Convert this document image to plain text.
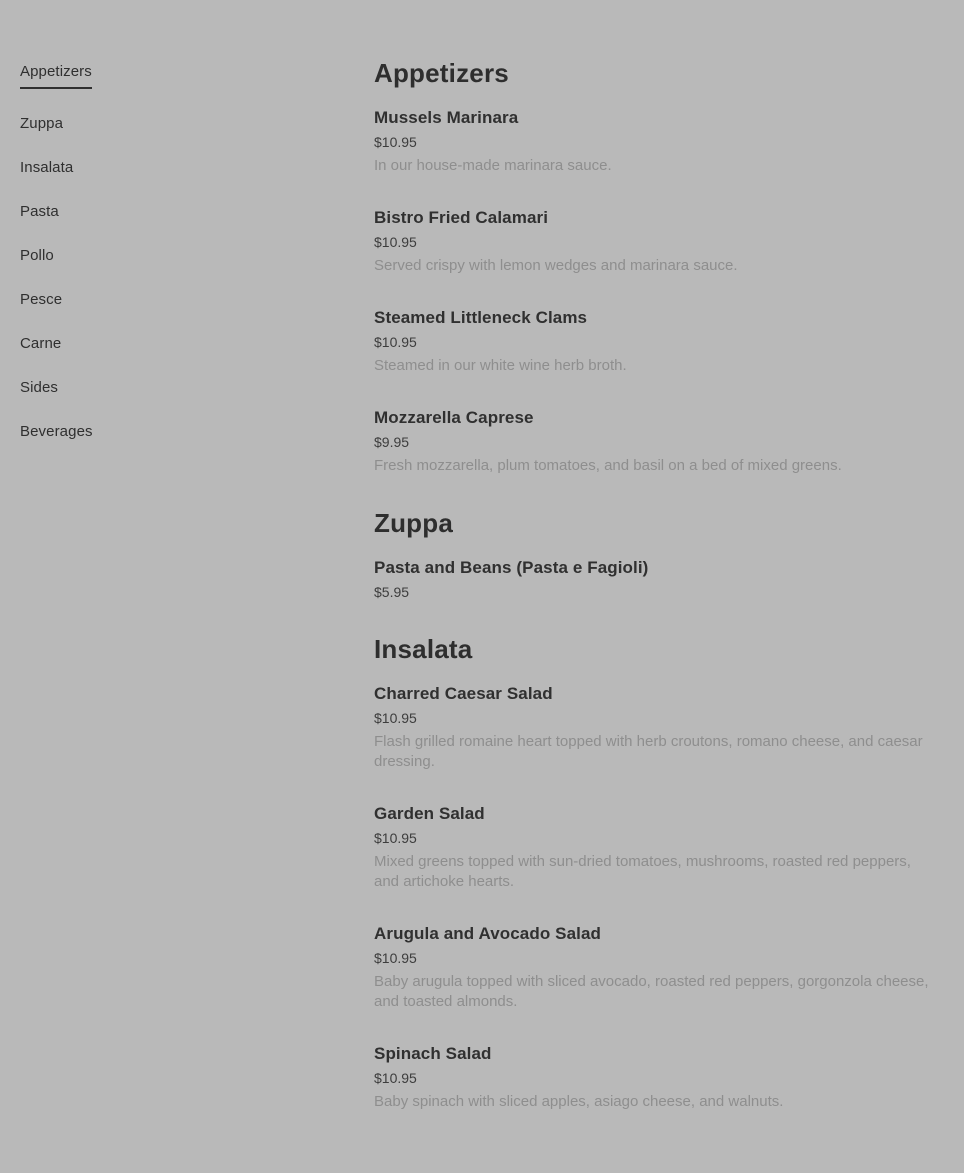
Appetizers
Zuppa
Insalata
Pasta
Pollo
Pesce
Carne
Sides
Beverages
Appetizers
Mussels Marinara
$10.95

In our house-made marinara sauce.

Bistro Fried Calamari
$10.95

Served crispy with lemon wedges and marinara sauce.

Steamed Littleneck Clams
$10.95

Steamed in our white wine herb broth.

Mozzarella Caprese
$9.95

Fresh mozzarella, plum tomatoes, and basil on a bed of mixed greens.

Zuppa
Pasta and Beans (Pasta e Fagioli)
$5.95
Insalata
Charred Caesar Salad
$10.95

Flash grilled romaine heart topped with herb croutons, romano cheese, and caesar dressing.

Garden Salad
$10.95

Mixed greens topped with sun-dried tomatoes, mushrooms, roasted red peppers, and artichoke hearts.

Arugula and Avocado Salad
$10.95

Baby arugula topped with sliced avocado, roasted red peppers, gorgonzola cheese, and toasted almonds.

Spinach Salad
$10.95

Baby spinach with sliced apples, asiago cheese, and walnuts.
